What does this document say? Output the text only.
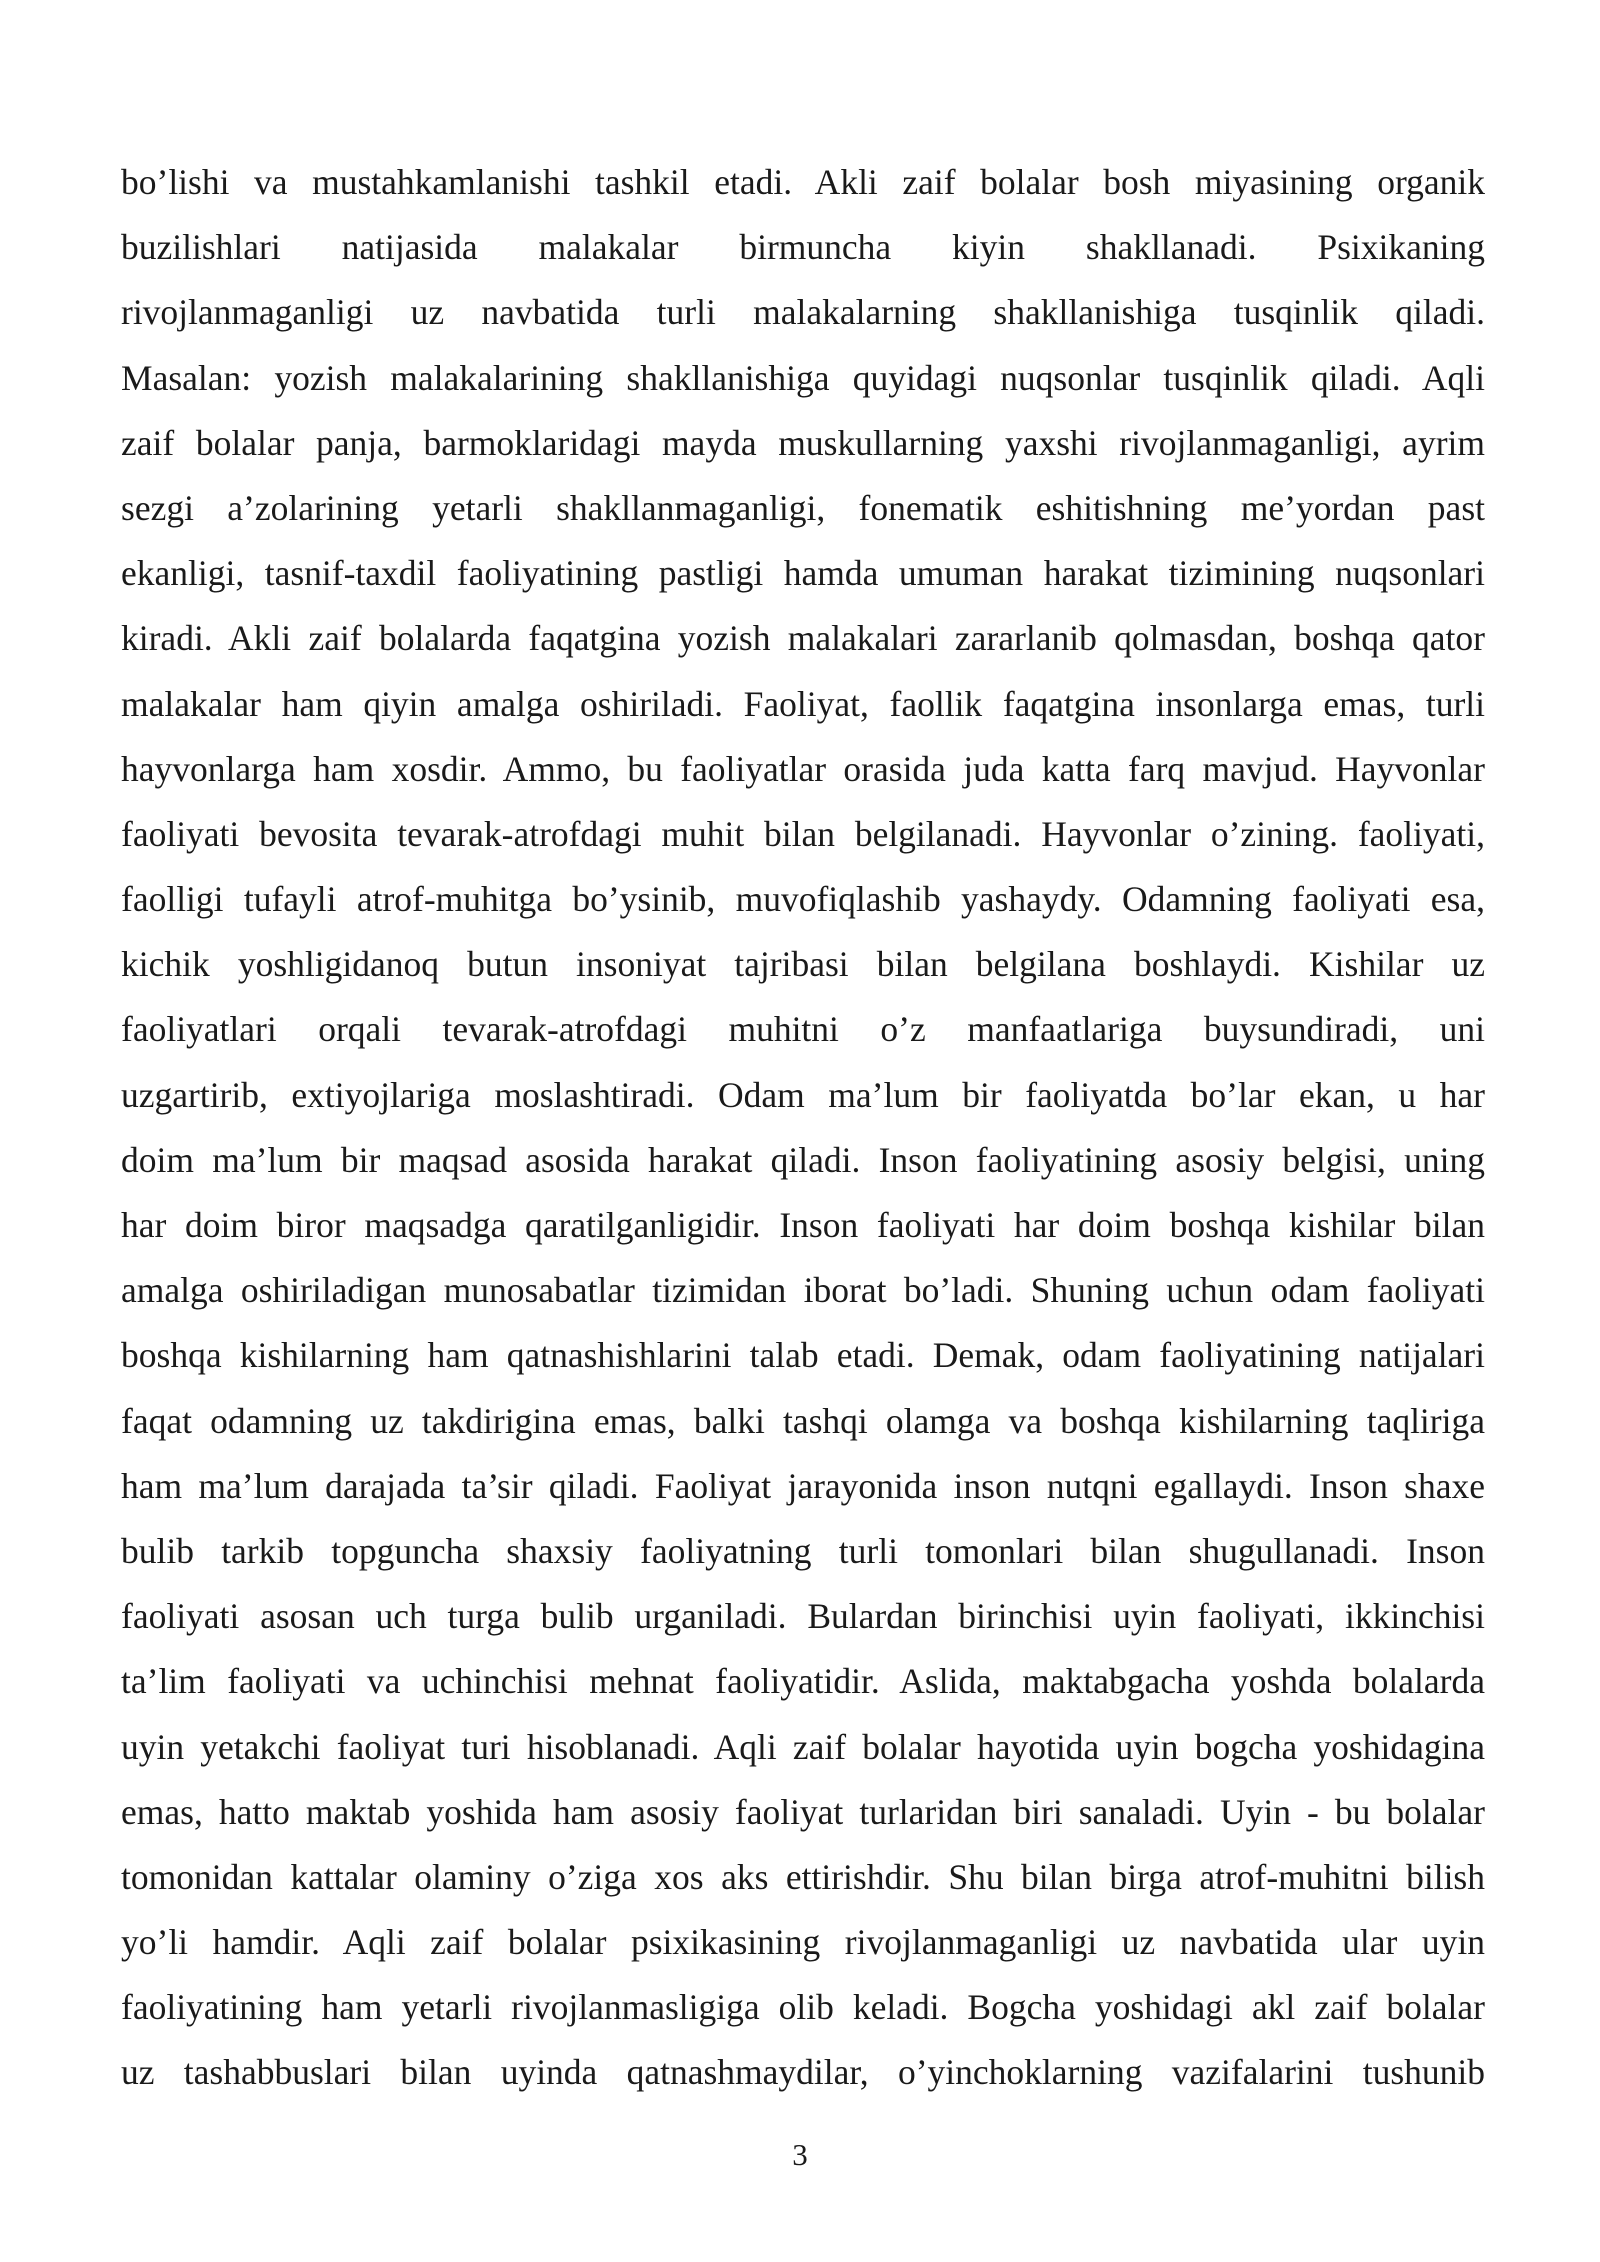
bo’lishi va mustahkamlanishi tashkil etadi. Akli zaif bolalar bosh miyasining organik
buzilishlari natijasida malakalar birmuncha kiyin shakllanadi. Psixikaning
rivojlanmaganligi uz navbatida turli malakalarning shakllanishiga tusqinlik qiladi.
Masalan: yozish malakalarining shakllanishiga quyidagi nuqsonlar tusqinlik qiladi. Aqli
zaif bolalar panja, barmoklaridagi mayda muskullarning yaxshi rivojlanmaganligi, ayrim
sezgi a’zolarining yetarli shakllanmaganligi, fonematik eshitishning me’yordan past
ekanligi, tasnif-taxdil faoliyatining pastligi hamda umuman harakat tizimining nuqsonlari
kiradi. Akli zaif bolalarda faqatgina yozish malakalari zararlanib qolmasdan, boshqa qator
malakalar ham qiyin amalga oshiriladi. Faoliyat, faollik faqatgina insonlarga emas, turli
hayvonlarga ham xosdir. Ammo, bu faoliyatlar orasida juda katta farq mavjud. Hayvonlar
faoliyati bevosita tevarak-atrofdagi muhit bilan belgilanadi. Hayvonlar o’zining. faoliyati,
faolligi tufayli atrof-muhitga bo’ysinib, muvofiqlashib yashaydy. Odamning faoliyati esa,
kichik yoshligidanoq butun insoniyat tajribasi bilan belgilana boshlaydi. Kishilar uz
faoliyatlari orqali tevarak-atrofdagi muhitni o’z manfaatlariga buysundiradi, uni
uzgartirib, extiyojlariga moslashtiradi. Odam ma’lum bir faoliyatda bo’lar ekan, u har
doim ma’lum bir maqsad asosida harakat qiladi. Inson faoliyatining asosiy belgisi, uning
har doim biror maqsadga qaratilganligidir. Inson faoliyati har doim boshqa kishilar bilan
amalga oshiriladigan munosabatlar tizimidan iborat bo’ladi. Shuning uchun odam faoliyati
boshqa kishilarning ham qatnashishlarini talab etadi. Demak, odam faoliyatining natijalari
faqat odamning uz takdirigina emas, balki tashqi olamga va boshqa kishilarning taqliriga
ham ma’lum darajada ta’sir qiladi. Faoliyat jarayonida inson nutqni egallaydi. Inson shaxe
bulib tarkib topguncha shaxsiy faoliyatning turli tomonlari bilan shugullanadi. Inson
faoliyati asosan uch turga bulib urganiladi. Bulardan birinchisi uyin faoliyati, ikkinchisi
ta’lim faoliyati va uchinchisi mehnat faoliyatidir. Aslida, maktabgacha yoshda bolalarda
uyin yetakchi faoliyat turi hisoblanadi. Aqli zaif bolalar hayotida uyin bogcha yoshidagina
emas, hatto maktab yoshida ham asosiy faoliyat turlaridan biri sanaladi. Uyin - bu bolalar
tomonidan kattalar olaminy o’ziga xos aks ettirishdir. Shu bilan birga atrof-muhitni bilish
yo’li hamdir. Aqli zaif bolalar psixikasining rivojlanmaganligi uz navbatida ular uyin
faoliyatining ham yetarli rivojlanmasligiga olib keladi. Bogcha yoshidagi akl zaif bolalar
uz tashabbuslari bilan uyinda qatnashmaydilar, o’yinchoklarning vazifalarini tushunib
3
